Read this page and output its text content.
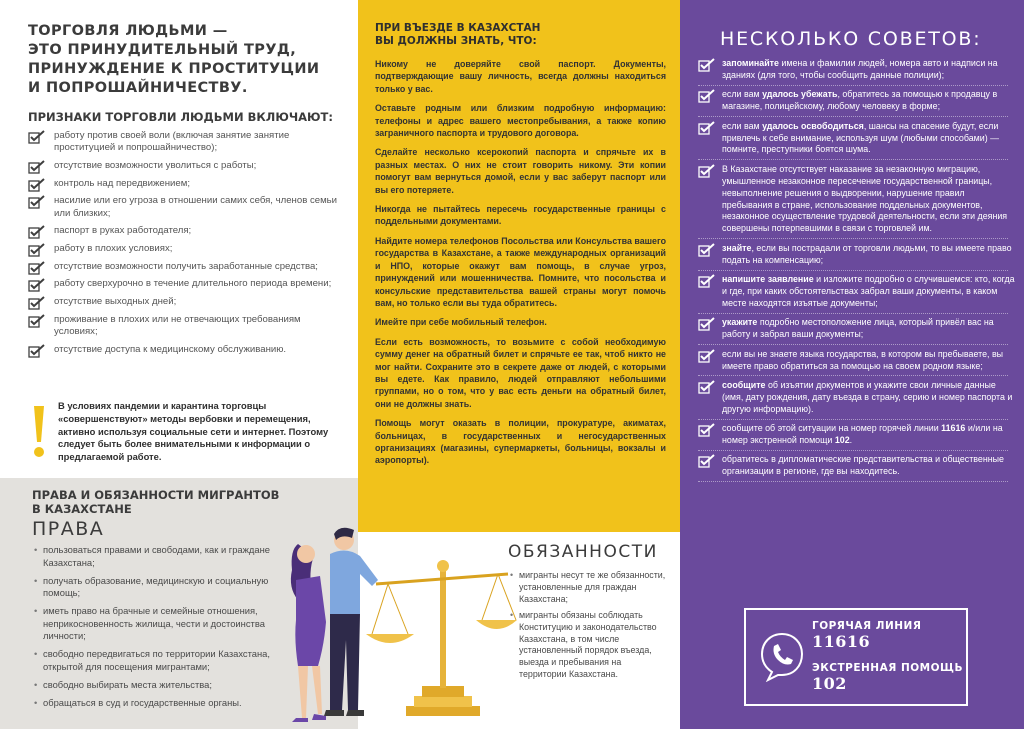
ТОРГОВЛЯ ЛЮДЬМИ —
ЭТО ПРИНУДИТЕЛЬНЫЙ ТРУД,
ПРИНУЖДЕНИЕ К ПРОСТИТУЦИИ
И ПОПРОШАЙНИЧЕСТВУ.
ПРИЗНАКИ ТОРГОВЛИ ЛЮДЬМИ ВКЛЮЧАЮТ:
работу против своей воли (включая занятие занятие проституцией и попрошайничество);
отсутствие возможности уволиться с работы;
контроль над передвижением;
насилие или его угроза в отношении самих себя, членов семьи или близких;
паспорт в руках работодателя;
работу в плохих условиях;
отсутствие возможности получить заработанные средства;
работу сверхурочно в течение длительного периода времени;
отсутствие выходных дней;
проживание в плохих или не отвечающих требованиям условиях;
отсутствие доступа к медицинскому обслуживанию.

В условиях пандемии и карантина торговцы «совершенствуют» методы вербовки и перемещения, активно используя социальные сети и интернет. Поэтому следует быть более внимательными к информации о предлагаемой работе.

ПРАВА И ОБЯЗАННОСТИ МИГРАНТОВ
В КАЗАХСТАНЕ
ПРАВА
• пользоваться правами и свободами, как и граждане Казахстана;
• получать образование, медицинскую и социальную помощь;
• иметь право на брачные и семейные отношения, неприкосновенность жилища, чести и достоинства личности;
• свободно передвигаться по территории Казахстана, открытой для посещения мигрантами;
• свободно выбирать места жительства;
• обращаться в суд и государственные органы.
ПРИ ВЪЕЗДЕ В КАЗАХСТАН
ВЫ ДОЛЖНЫ ЗНАТЬ, ЧТО:

Никому не доверяйте свой паспорт. Документы, подтверждающие вашу личность, всегда должны находиться только у вас.

Оставьте родным или близким подробную информацию: телефоны и адрес вашего местопребывания, а также копию заграничного паспорта и трудового договора.

Сделайте несколько ксерокопий паспорта и спрячьте их в разных местах. О них не стоит говорить никому. Эти копии помогут вам вернуться домой, если у вас заберут паспорт или вы его потеряете.

Никогда не пытайтесь пересечь государственные границы с поддельными документами.

Найдите номера телефонов Посольства или Консульства вашего государства в Казахстане, а также международных организаций и НПО, которые окажут вам помощь, в случае угроз, принуждений или мошенничества. Помните, что посольства и консульские представительства вашей страны могут помочь вам, но только если вы туда обратитесь.

Имейте при себе мобильный телефон.

Если есть возможность, то возьмите с собой необходимую сумму денег на обратный билет и спрячьте ее так, чтоб никто не мог найти. Сохраните это в секрете даже от людей, с которыми вы едете. Как правило, людей отправляют небольшими группами, но о том, что у вас есть деньги на обратный билет, они не должны знать.

Помощь могут оказать в полиции, прокуратуре, акиматах, больницах, в государственных и негосударственных организациях (магазины, супермаркеты, больницы, вокзалы и аэропорты).

ОБЯЗАННОСТИ
• мигранты несут те же обязанности, установленные для граждан Казахстана;
• мигранты обязаны соблюдать Конституцию и законодательство Казахстана, в том числе установленный порядок въезда, выезда и пребывания на территории Казахстана.
НЕСКОЛЬКО СОВЕТОВ:
запоминайте имена и фамилии людей, номера авто и надписи на зданиях (для того, чтобы сообщить данные полиции);
если вам удалось убежать, обратитесь за помощью к продавцу в магазине, полицейскому, любому человеку в форме;
если вам удалось освободиться, шансы на спасение будут, если привлечь к себе внимание, используя шум (любыми способами) — помните, преступники боятся шума.
В Казахстане отсутствует наказание за незаконную миграцию, умышленное незаконное пересечение государственной границы, невыполнение решения о выдворении, нарушение правил пребывания в стране, использование поддельных документов, незаконное осуществление трудовой деятельности, если эти деяния совершены потерпевшими в связи с торговлей им.
знайте, если вы пострадали от торговли людьми, то вы имеете право подать на компенсацию;
напишите заявление и изложите подробно о случившемся: кто, когда и где, при каких обстоятельствах забрал ваши документы, в каком месте находятся изъятые документы;
укажите подробно местоположение лица, который привёл вас на работу и забрал ваши документы;
если вы не знаете языка государства, в котором вы пребываете, вы имеете право обратиться за помощью на своем родном языке;
сообщите об изъятии документов и укажите свои личные данные (имя, дату рождения, дату въезда в страну, серию и номер паспорта и другую информацию).
сообщите об этой ситуации на номер горячей линии 11616 и/или на номер экстренной помощи 102.
обратитесь в дипломатические представительства и общественные организации в регионе, где вы находитесь.
ГОРЯЧАЯ ЛИНИЯ
11616
ЭКСТРЕННАЯ ПОМОЩЬ
102
